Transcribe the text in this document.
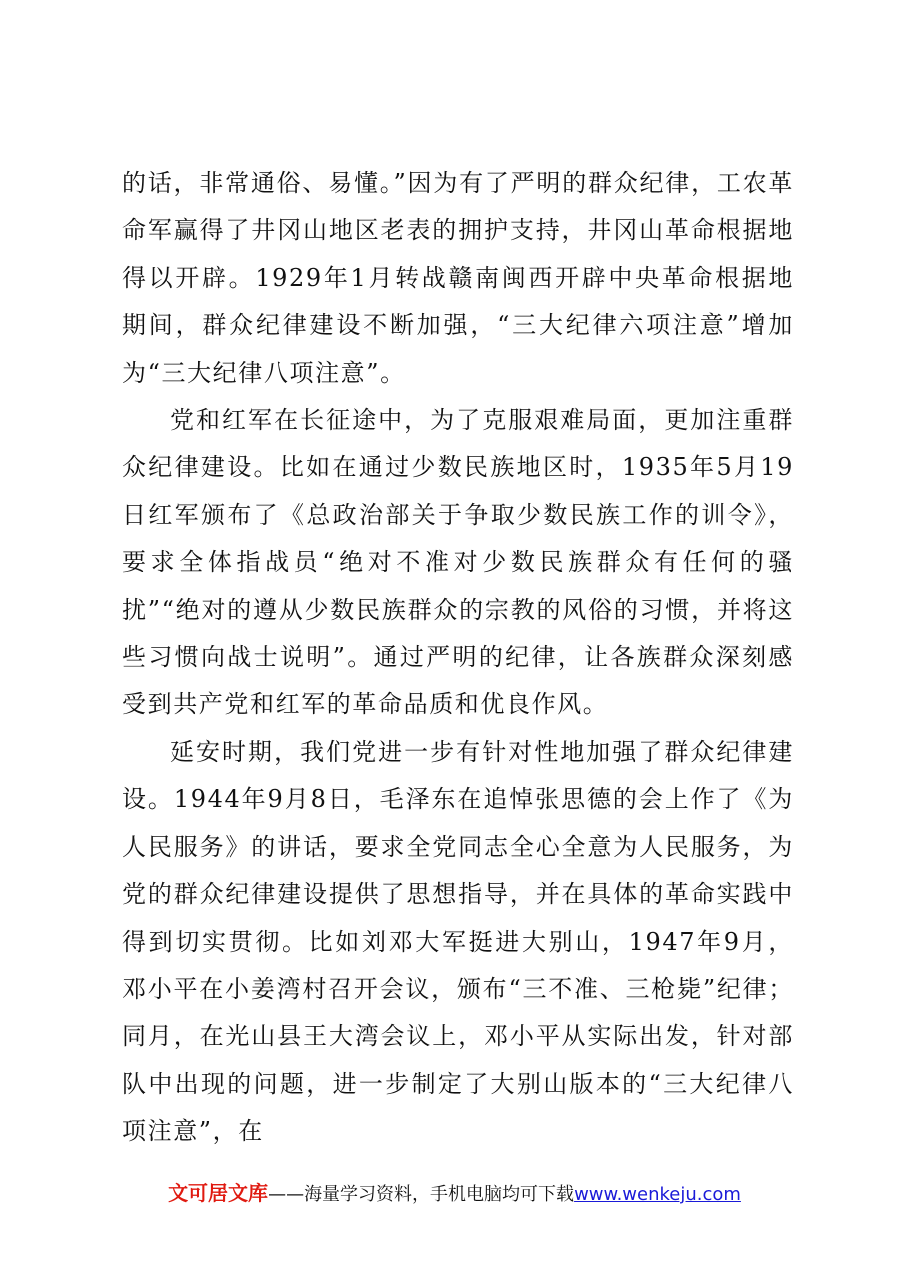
的话，非常通俗、易懂。”因为有了严明的群众纪律，工农革命军赢得了井冈山地区老表的拥护支持，井冈山革命根据地得以开辟。1929年1月转战赣南闽西开辟中央革命根据地期间，群众纪律建设不断加强，“三大纪律六项注意”增加为“三大纪律八项注意”。

党和红军在长征途中，为了克服艰难局面，更加注重群众纪律建设。比如在通过少数民族地区时，1935年5月19日红军颁布了《总政治部关于争取少数民族工作的训令》，要求全体指战员“绝对不准对少数民族群众有任何的骚扰”“绝对的遵从少数民族群众的宗教的风俗的习惯，并将这些习惯向战士说明”。通过严明的纪律，让各族群众深刻感受到共产党和红军的革命品质和优良作风。

延安时期，我们党进一步有针对性地加强了群众纪律建设。1944年9月8日，毛泽东在追悼张思德的会上作了《为人民服务》的讲话，要求全党同志全心全意为人民服务，为党的群众纪律建设提供了思想指导，并在具体的革命实践中得到切实贯彻。比如刘邓大军挺进大别山，1947年9月，邓小平在小姜湾村召开会议，颁布“三不准、三枪毙”纪律；同月，在光山县王大湾会议上，邓小平从实际出发，针对部队中出现的问题，进一步制定了大别山版本的“三大纪律八项注意”，在

文可居文库——海量学习资料，手机电脑均可下载www.wenkeju.com
